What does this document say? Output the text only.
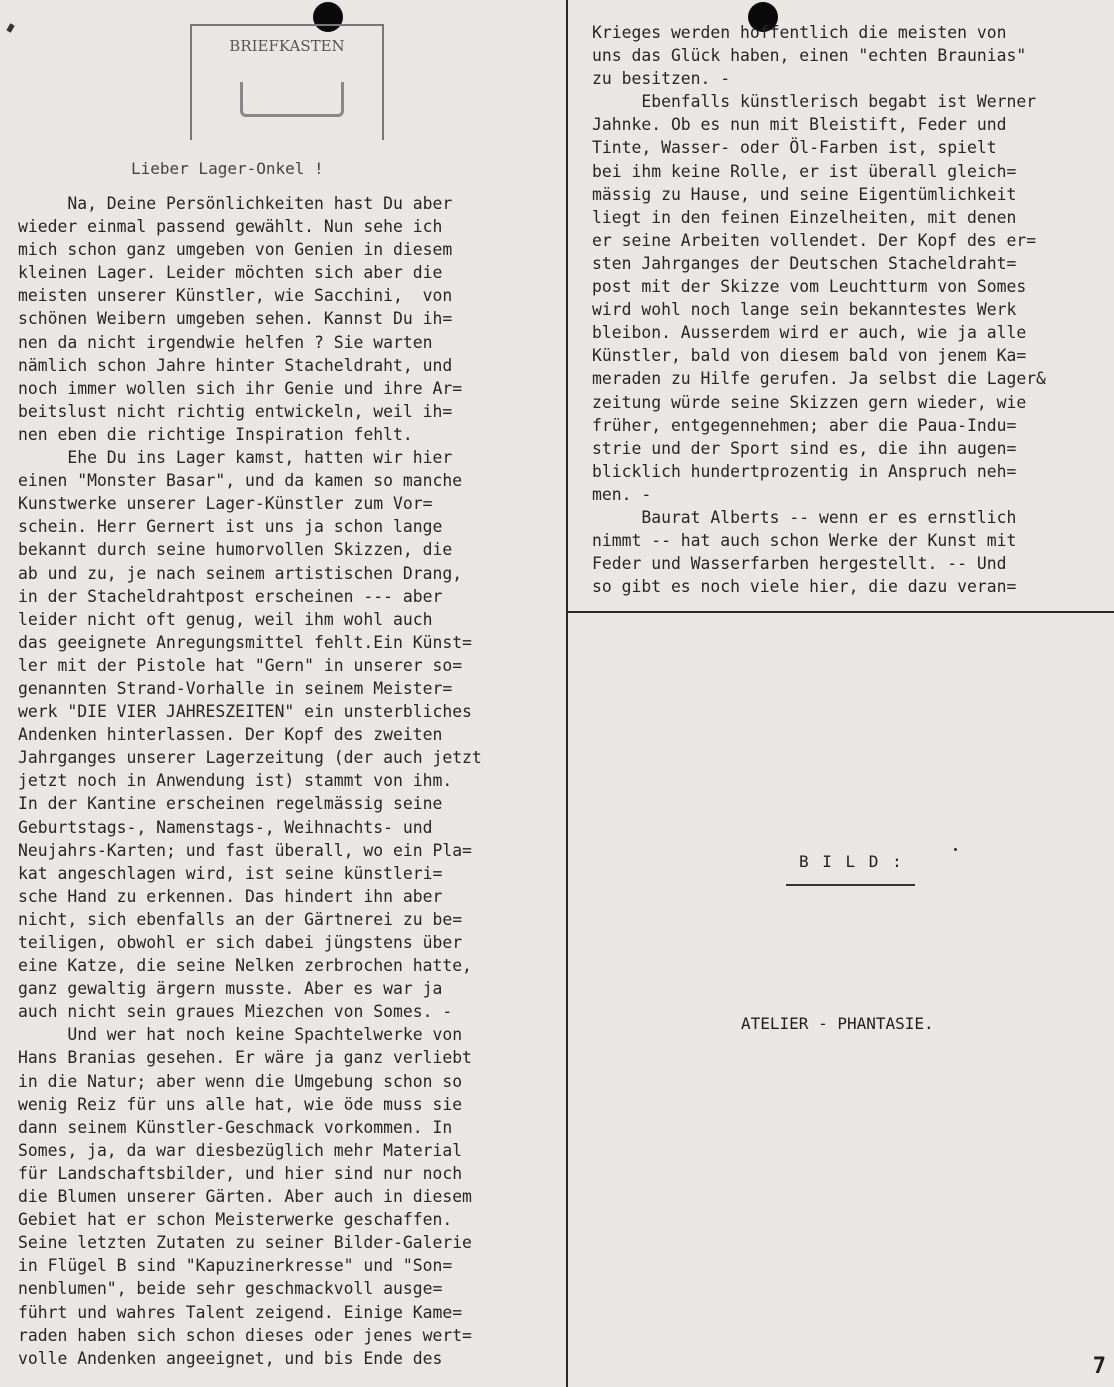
BRIEFKASTEN
Lieber Lager-Onkel !
Na, Deine Persönlichkeiten hast Du aber
wieder einmal passend gewählt. Nun sehe ich
mich schon ganz umgeben von Genien in diesem
kleinen Lager. Leider möchten sich aber die
meisten unserer Künstler, wie Sacchini,  von
schönen Weibern umgeben sehen. Kannst Du ih=
nen da nicht irgendwie helfen ? Sie warten
nämlich schon Jahre hinter Stacheldraht, und
noch immer wollen sich ihr Genie und ihre Ar=
beitslust nicht richtig entwickeln, weil ih=
nen eben die richtige Inspiration fehlt.
Ehe Du ins Lager kamst, hatten wir hier
einen "Monster Basar", und da kamen so manche
Kunstwerke unserer Lager-Künstler zum Vor=
schein. Herr Gernert ist uns ja schon lange
bekannt durch seine humorvollen Skizzen, die
ab und zu, je nach seinem artistischen Drang,
in der Stacheldrahtpost erscheinen --- aber
leider nicht oft genug, weil ihm wohl auch
das geeignete Anregungsmittel fehlt.Ein Künst=
ler mit der Pistole hat "Gern" in unserer so=
genannten Strand-Vorhalle in seinem Meister=
werk "DIE VIER JAHRESZEITEN" ein unsterbliches
Andenken hinterlassen. Der Kopf des zweiten
Jahrganges unserer Lagerzeitung (der auch jetzt
jetzt noch in Anwendung ist) stammt von ihm.
In der Kantine erscheinen regelmässig seine
Geburtstags-, Namenstags-, Weihnachts- und
Neujahrs-Karten; und fast überall, wo ein Pla=
kat angeschlagen wird, ist seine künstleri=
sche Hand zu erkennen. Das hindert ihn aber
nicht, sich ebenfalls an der Gärtnerei zu be=
teiligen, obwohl er sich dabei jüngstens über
eine Katze, die seine Nelken zerbrochen hatte,
ganz gewaltig ärgern musste. Aber es war ja
auch nicht sein graues Miezchen von Somes. -
Und wer hat noch keine Spachtelwerke von
Hans Branias gesehen. Er wäre ja ganz verliebt
in die Natur; aber wenn die Umgebung schon so
wenig Reiz für uns alle hat, wie öde muss sie
dann seinem Künstler-Geschmack vorkommen. In
Somes, ja, da war diesbezüglich mehr Material
für Landschaftsbilder, und hier sind nur noch
die Blumen unserer Gärten. Aber auch in diesem
Gebiet hat er schon Meisterwerke geschaffen.
Seine letzten Zutaten zu seiner Bilder-Galerie
in Flügel B sind "Kapuzinerkresse" und "Son=
nenblumen", beide sehr geschmackvoll ausge=
führt und wahres Talent zeigend. Einige Kame=
raden haben sich schon dieses oder jenes wert=
volle Andenken angeeignet, und bis Ende des
Krieges werden hoffentlich die meisten von
uns das Glück haben, einen "echten Braunias"
zu besitzen. -
Ebenfalls künstlerisch begabt ist Werner
Jahnke. Ob es nun mit Bleistift, Feder und
Tinte, Wasser- oder Öl-Farben ist, spielt
bei ihm keine Rolle, er ist überall gleich=
mässig zu Hause, und seine Eigentümlichkeit
liegt in den feinen Einzelheiten, mit denen
er seine Arbeiten vollendet. Der Kopf des er=
sten Jahrganges der Deutschen Stacheldraht=
post mit der Skizze vom Leuchtturm von Somes
wird wohl noch lange sein bekanntestes Werk
bleibon. Ausserdem wird er auch, wie ja alle
Künstler, bald von diesem bald von jenem Ka=
meraden zu Hilfe gerufen. Ja selbst die Lager&
zeitung würde seine Skizzen gern wieder, wie
früher, entgegennehmen; aber die Paua-Indu=
strie und der Sport sind es, die ihn augen=
blicklich hundertprozentig in Anspruch neh=
men. -
Baurat Alberts -- wenn er es ernstlich
nimmt -- hat auch schon Werke der Kunst mit
Feder und Wasserfarben hergestellt. -- Und
so gibt es noch viele hier, die dazu veran=
B I L D :
ATELIER - PHANTASIE.
7
